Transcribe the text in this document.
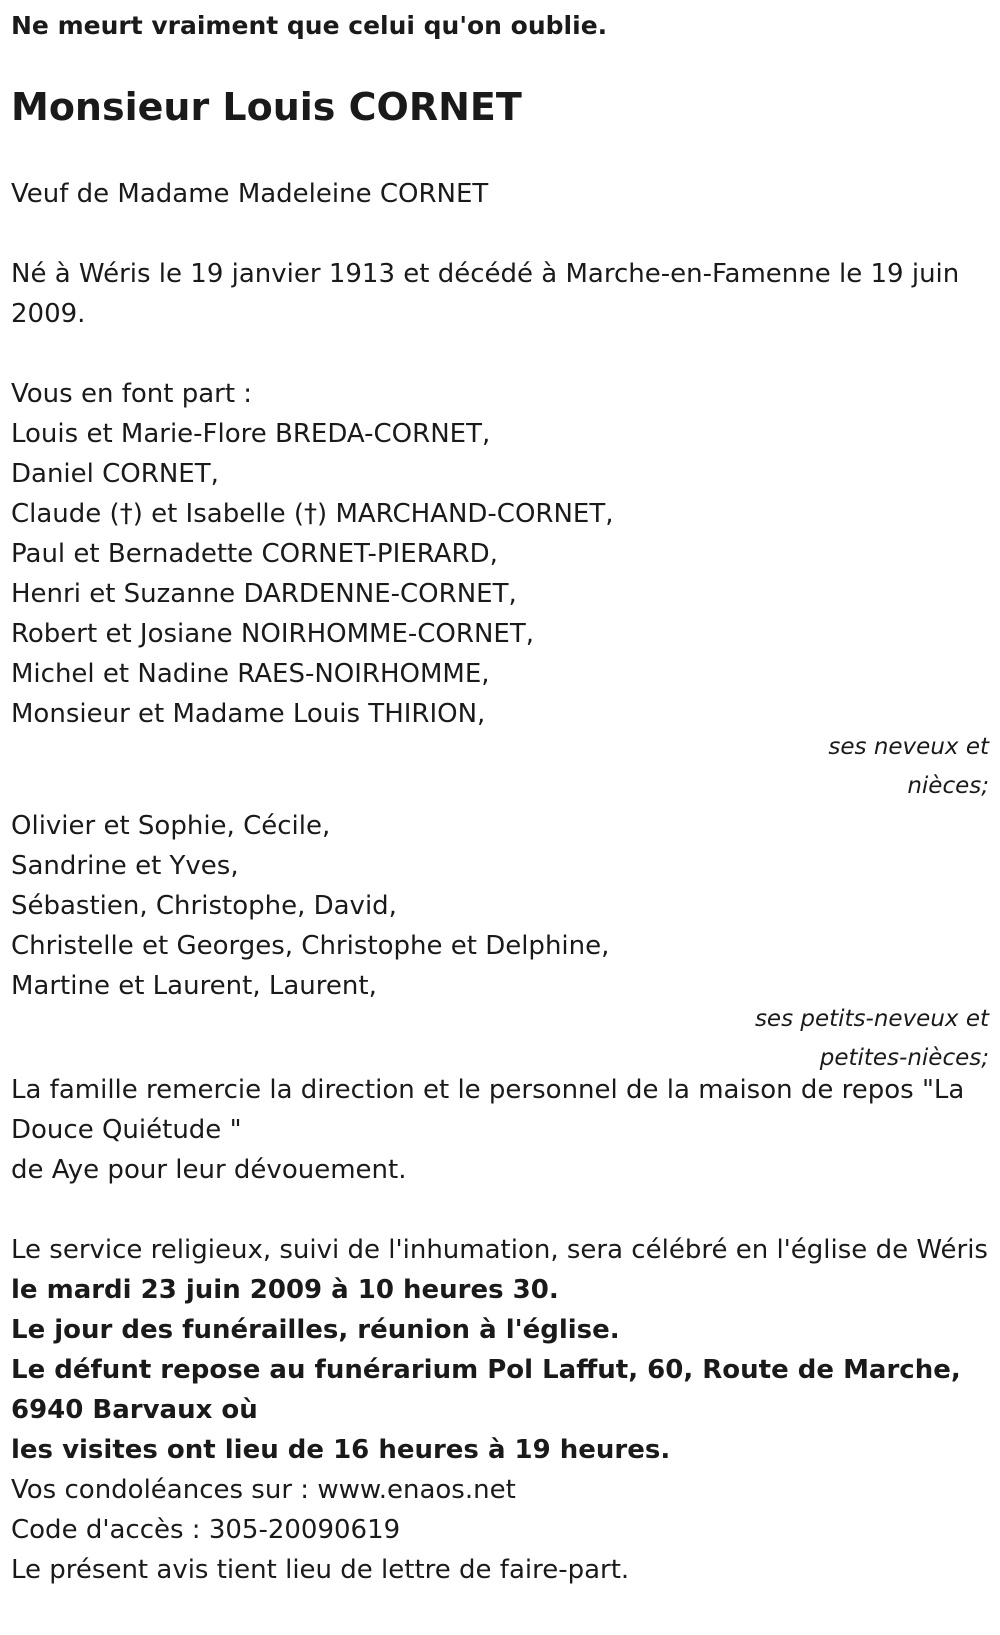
Ne meurt vraiment que celui qu'on oublie.
Monsieur Louis CORNET

Veuf de Madame Madeleine CORNET

Né à Wéris le 19 janvier 1913 et décédé à Marche-en-Famenne le 19 juin 2009.

Vous en font part :

Louis et Marie-Flore BREDA-CORNET,
Daniel CORNET,
Claude (†) et Isabelle (†) MARCHAND-CORNET,
Paul et Bernadette CORNET-PIERARD,
Henri et Suzanne DARDENNE-CORNET,
Robert et Josiane NOIRHOMME-CORNET,
Michel et Nadine RAES-NOIRHOMME,
Monsieur et Madame Louis THIRION,
ses neveux et
nièces;
Olivier et Sophie, Cécile,
Sandrine et Yves,
Sébastien, Christophe, David,
Christelle et Georges, Christophe et Delphine,
Martine et Laurent, Laurent,
ses petits-neveux et
petites-nièces;

La famille remercie la direction et le personnel de la maison de repos "La Douce Quiétude "

de Aye pour leur dévouement.

Le service religieux, suivi de l'inhumation, sera célébré en l'église de Wéris

le mardi 23 juin 2009 à 10 heures 30.

Le jour des funérailles, réunion à l'église.

Le défunt repose au funérarium Pol Laffut, 60, Route de Marche, 6940 Barvaux où

les visites ont lieu de 16 heures à 19 heures.

Vos condoléances sur : www.enaos.net

Code d'accès : 305-20090619

Le présent avis tient lieu de lettre de faire-part.
